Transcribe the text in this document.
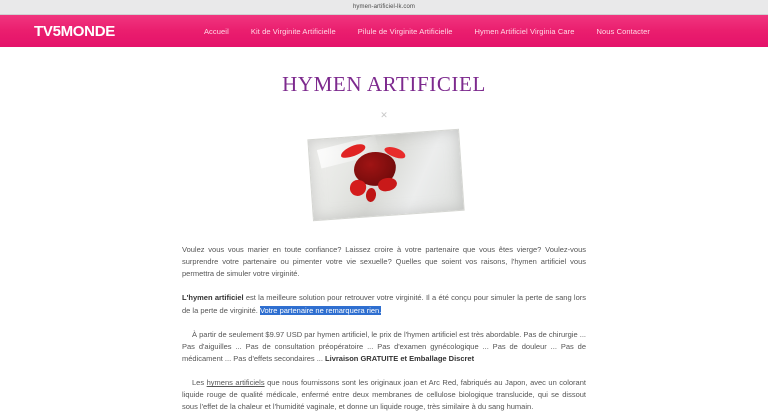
hymen-artificiel-lk.com
TV5MONDE	Accueil	Kit de Virginite Artificielle	Pilule de Virginite Artificielle	Hymen Artificiel Virginia Care	Nous Contacter
HYMEN ARTIFICIEL
✕

Voulez vous vous marier en toute confiance? Laissez croire à votre partenaire que vous êtes vierge? Voulez-vous surprendre votre partenaire ou pimenter votre vie sexuelle? Quelles que soient vos raisons, l'hymen artificiel vous permettra de simuler votre virginité.

L'hymen artificiel est la meilleure solution pour retrouver votre virginité. Il a été conçu pour simuler la perte de sang lors de la perte de virginité. Votre partenaire ne remarquera rien.

À partir de seulement $9.97 USD par hymen artificiel, le prix de l'hymen artificiel est très abordable. Pas de chirurgie ... Pas d'aiguilles ... Pas de consultation préopératoire ... Pas d'examen gynécologique ... Pas de douleur ... Pas de médicament ... Pas d'effets secondaires ... Livraison GRATUITE et Emballage Discret

Les hymens artificiels que nous fournissons sont les originaux joan et Arc Red, fabriqués au Japon, avec un colorant liquide rouge de qualité médicale, enfermé entre deux membranes de cellulose biologique translucide, qui se dissout sous l'effet de la chaleur et l'humidité vaginale, et donne un liquide rouge, très similaire à du sang humain.
